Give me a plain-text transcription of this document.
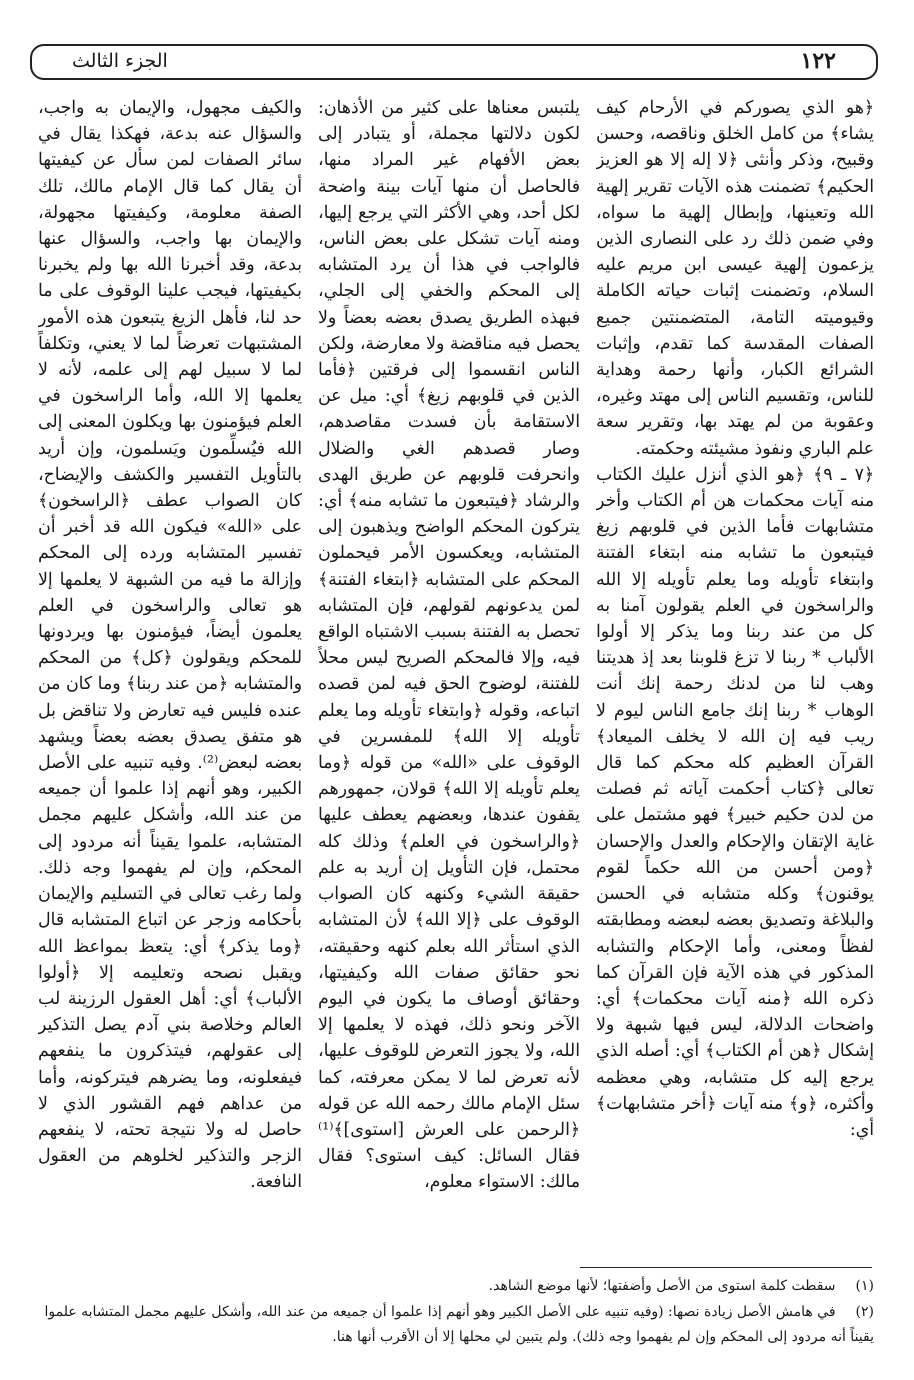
١٢٢
الجزء الثالث

﴿هو الذي يصوركم في الأرحام كيف يشاء﴾ من كامل الخلق وناقصه، وحسن وقبيح، وذكر وأنثى ﴿لا إله إلا هو العزيز الحكيم﴾ تضمنت هذه الآيات تقرير إلهية الله وتعينها، وإبطال إلهية ما سواه، وفي ضمن ذلك رد على النصارى الذين يزعمون إلهية عيسى ابن مريم عليه السلام، وتضمنت إثبات حياته الكاملة وقيوميته التامة، المتضمنتين جميع الصفات المقدسة كما تقدم، وإثبات الشرائع الكبار، وأنها رحمة وهداية للناس، وتقسيم الناس إلى مهتد وغيره، وعقوبة من لم يهتد بها، وتقرير سعة علم الباري ونفوذ مشيئته وحكمته.
﴿٧ ـ ٩﴾ ﴿هو الذي أنزل عليك الكتاب منه آيات محكمات هن أم الكتاب وأخر متشابهات فأما الذين في قلوبهم زيغ فيتبعون ما تشابه منه ابتغاء الفتنة وابتغاء تأويله وما يعلم تأويله إلا الله والراسخون في العلم يقولون آمنا به كل من عند ربنا وما يذكر إلا أولوا الألباب * ربنا لا تزغ قلوبنا بعد إذ هديتنا وهب لنا من لدنك رحمة إنك أنت الوهاب * ربنا إنك جامع الناس ليوم لا ريب فيه إن الله لا يخلف الميعاد﴾ القرآن العظيم كله محكم كما قال تعالى ﴿كتاب أحكمت آياته ثم فصلت من لدن حكيم خبير﴾ فهو مشتمل على غاية الإتقان والإحكام والعدل والإحسان ﴿ومن أحسن من الله حكماً لقوم يوقنون﴾ وكله متشابه في الحسن والبلاغة وتصديق بعضه لبعضه ومطابقته لفظاً ومعنى، وأما الإحكام والتشابه المذكور في هذه الآية فإن القرآن كما ذكره الله ﴿منه آيات محكمات﴾ أي: واضحات الدلالة، ليس فيها شبهة ولا إشكال ﴿هن أم الكتاب﴾ أي: أصله الذي يرجع إليه كل متشابه، وهي معظمه وأكثره، ﴿و﴾ منه آيات ﴿أخر متشابهات﴾ أي:

يلتبس معناها على كثير من الأذهان: لكون دلالتها مجملة، أو يتبادر إلى بعض الأفهام غير المراد منها، فالحاصل أن منها آيات بينة واضحة لكل أحد، وهي الأكثر التي يرجع إليها، ومنه آيات تشكل على بعض الناس، فالواجب في هذا أن يرد المتشابه إلى المحكم والخفي إلى الجلي، فبهذه الطريق يصدق بعضه بعضاً ولا يحصل فيه مناقضة ولا معارضة، ولكن الناس انقسموا إلى فرقتين ﴿فأما الذين في قلوبهم زيغ﴾ أي: ميل عن الاستقامة بأن فسدت مقاصدهم، وصار قصدهم الغي والضلال وانحرفت قلوبهم عن طريق الهدى والرشاد ﴿فيتبعون ما تشابه منه﴾ أي: يتركون المحكم الواضح ويذهبون إلى المتشابه، ويعكسون الأمر فيحملون المحكم على المتشابه ﴿ابتغاء الفتنة﴾ لمن يدعونهم لقولهم، فإن المتشابه تحصل به الفتنة بسبب الاشتباه الواقع فيه، وإلا فالمحكم الصريح ليس محلاً للفتنة، لوضوح الحق فيه لمن قصده اتباعه، وقوله ﴿وابتغاء تأويله وما يعلم تأويله إلا الله﴾ للمفسرين في الوقوف على «الله» من قوله ﴿وما يعلم تأويله إلا الله﴾ قولان، جمهورهم يقفون عندها، وبعضهم يعطف عليها ﴿والراسخون في العلم﴾ وذلك كله محتمل، فإن التأويل إن أريد به علم حقيقة الشيء وكنهه كان الصواب الوقوف على ﴿إلا الله﴾ لأن المتشابه الذي استأثر الله بعلم كنهه وحقيقته، نحو حقائق صفات الله وكيفيتها، وحقائق أوصاف ما يكون في اليوم الآخر ونحو ذلك، فهذه لا يعلمها إلا الله، ولا يجوز التعرض للوقوف عليها، لأنه تعرض لما لا يمكن معرفته، كما سئل الإمام مالك رحمه الله عن قوله ﴿الرحمن على العرش [استوى]﴾⁽¹⁾ فقال السائل: كيف استوى؟ فقال مالك: الاستواء معلوم،

والكيف مجهول، والإيمان به واجب، والسؤال عنه بدعة، فهكذا يقال في سائر الصفات لمن سأل عن كيفيتها أن يقال كما قال الإمام مالك، تلك الصفة معلومة، وكيفيتها مجهولة، والإيمان بها واجب، والسؤال عنها بدعة، وقد أخبرنا الله بها ولم يخبرنا بكيفيتها، فيجب علينا الوقوف على ما حد لنا، فأهل الزيغ يتبعون هذه الأمور المشتبهات تعرضاً لما لا يعني، وتكلفاً لما لا سبيل لهم إلى علمه، لأنه لا يعلمها إلا الله، وأما الراسخون في العلم فيؤمنون بها ويكلون المعنى إلى الله فيُسلِّمون ويَسلمون، وإن أريد بالتأويل التفسير والكشف والإيضاح، كان الصواب عطف ﴿الراسخون﴾ على «الله» فيكون الله قد أخبر أن تفسير المتشابه ورده إلى المحكم وإزالة ما فيه من الشبهة لا يعلمها إلا هو تعالى والراسخون في العلم يعلمون أيضاً، فيؤمنون بها ويردونها للمحكم ويقولون ﴿كل﴾ من المحكم والمتشابه ﴿من عند ربنا﴾ وما كان من عنده فليس فيه تعارض ولا تناقض بل هو متفق يصدق بعضه بعضاً ويشهد بعضه لبعض⁽²⁾. وفيه تنبيه على الأصل الكبير، وهو أنهم إذا علموا أن جميعه من عند الله، وأشكل عليهم مجمل المتشابه، علموا يقيناً أنه مردود إلى المحكم، وإن لم يفهموا وجه ذلك. ولما رغب تعالى في التسليم والإيمان بأحكامه وزجر عن اتباع المتشابه قال ﴿وما يذكر﴾ أي: يتعظ بمواعظ الله ويقبل نصحه وتعليمه إلا ﴿أولوا الألباب﴾ أي: أهل العقول الرزينة لب العالم وخلاصة بني آدم يصل التذكير إلى عقولهم، فيتذكرون ما ينفعهم فيفعلونه، وما يضرهم فيتركونه، وأما من عداهم فهم القشور الذي لا حاصل له ولا نتيجة تحته، لا ينفعهم الزجر والتذكير لخلوهم من العقول النافعة.

(١) سقطت كلمة استوى من الأصل وأضفتها؛ لأنها موضع الشاهد.
(٢) في هامش الأصل زيادة نصها: (وفيه تنبيه على الأصل الكبير وهو أنهم إذا علموا أن جميعه من عند الله، وأشكل عليهم مجمل المتشابه علموا يقيناً أنه مردود إلى المحكم وإن لم يفهموا وجه ذلك). ولم يتبين لي محلها إلا أن الأقرب أنها هنا.
